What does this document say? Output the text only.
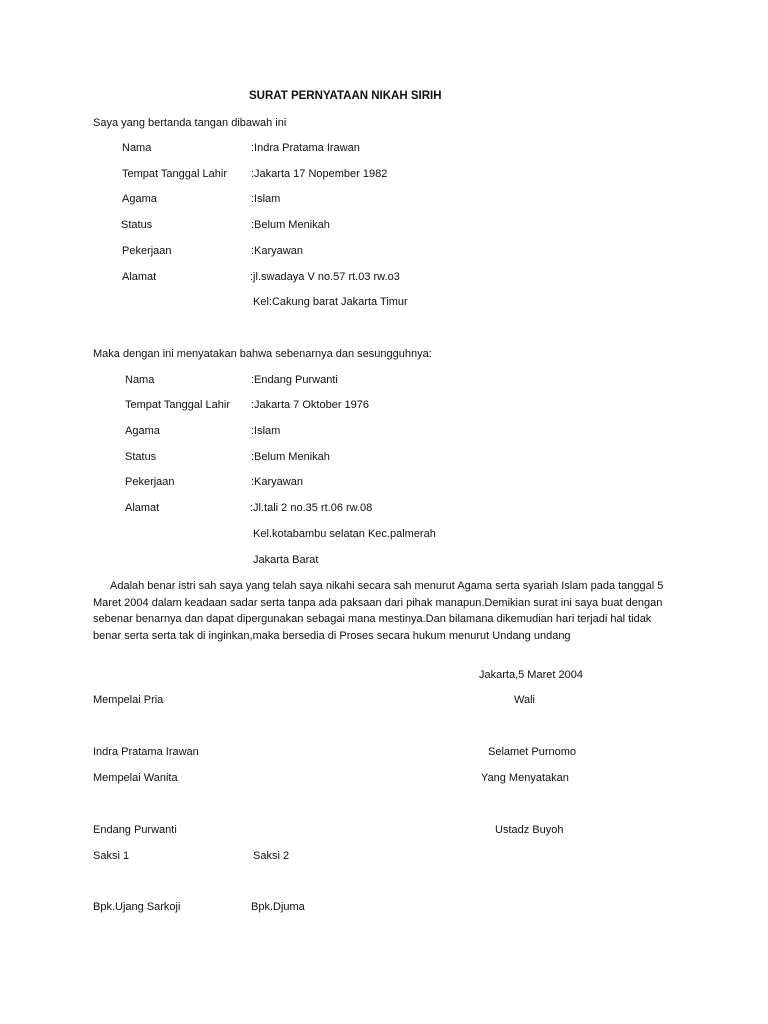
SURAT PERNYATAAN NIKAH SIRIH
Saya yang bertanda tangan dibawah ini
Nama	:Indra Pratama Irawan
Tempat Tanggal Lahir :Jakarta 17 Nopember 1982
Agama	:Islam
Status	:Belum Menikah
Pekerjaan	:Karyawan
Alamat	:jl.swadaya V no.57 rt.03 rw.o3
Kel:Cakung barat Jakarta Timur
Maka dengan ini menyatakan bahwa sebenarnya dan sesungguhnya:
Nama	:Endang Purwanti
Tempat Tanggal Lahir :Jakarta 7 Oktober 1976
Agama	:Islam
Status	:Belum Menikah
Pekerjaan	:Karyawan
Alamat	:Jl.tali 2 no.35 rt.06 rw.08
Kel.kotabambu selatan Kec.palmerah
Jakarta Barat

Adalah benar istri sah saya yang telah saya nikahi secara sah menurut Agama serta syariah Islam pada tanggal 5 Maret 2004 dalam keadaan sadar serta tanpa ada paksaan dari pihak manapun.Demikian surat ini saya buat dengan sebenar benarnya dan dapat dipergunakan sebagai mana mestinya.Dan bilamana dikemudian hari terjadi hal tidak benar serta serta tak di inginkan,maka bersedia di Proses secara hukum menurut Undang undang

Jakarta,5 Maret 2004
Mempelai Pria	Wali
Indra Pratama Irawan	Selamet Purnomo
Mempelai Wanita	Yang Menyatakan
Endang Purwanti	Ustadz Buyoh
Saksi 1	Saksi 2
Bpk.Ujang Sarkoji	Bpk.Djuma
